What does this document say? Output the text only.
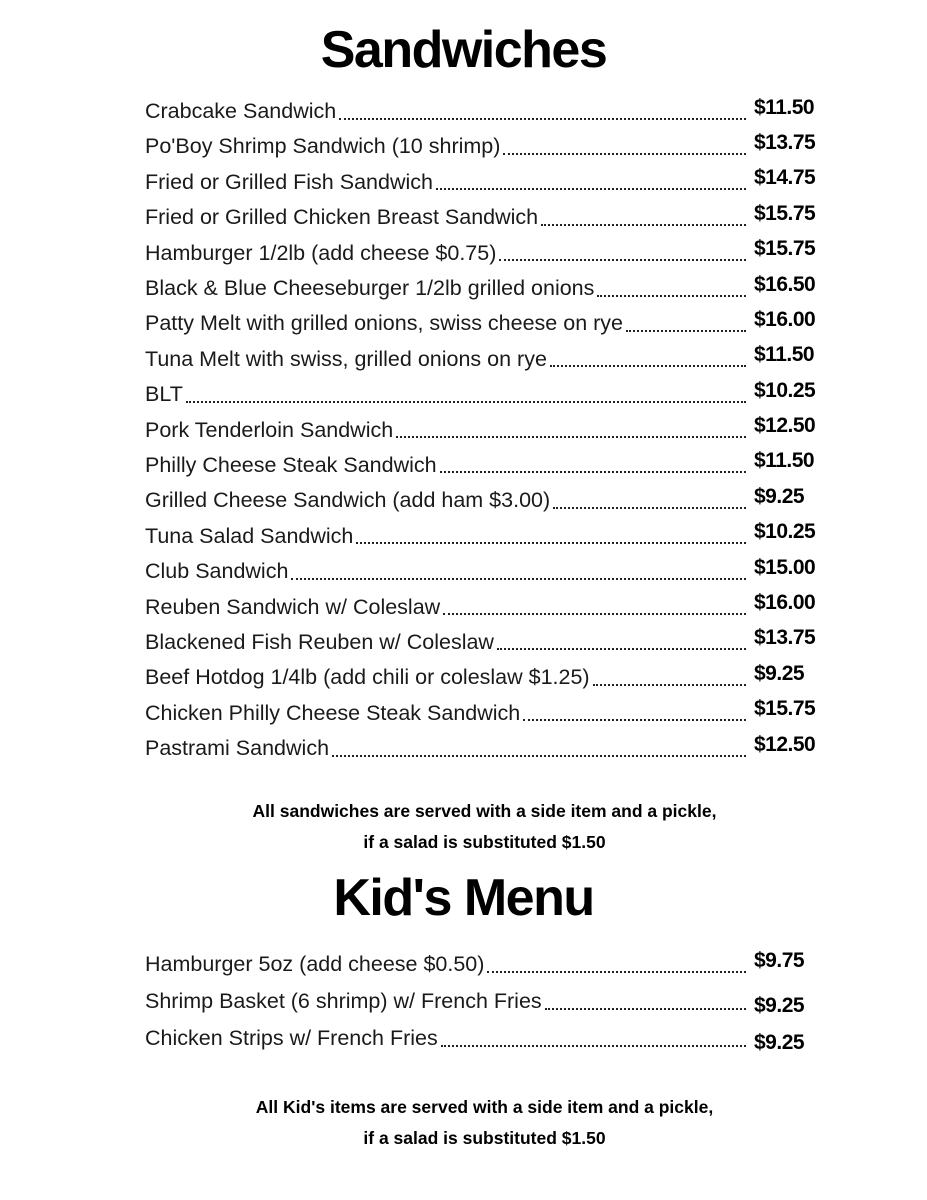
Sandwiches
Crabcake Sandwich	$11.50
Po'Boy Shrimp Sandwich (10 shrimp)	$13.75
Fried or Grilled Fish Sandwich	$14.75
Fried or Grilled Chicken Breast Sandwich	$15.75
Hamburger 1/2lb (add cheese $0.75)	$15.75
Black & Blue Cheeseburger 1/2lb grilled onions	$16.50
Patty Melt with grilled onions, swiss cheese on rye	$16.00
Tuna Melt with swiss, grilled onions on rye	$11.50
BLT	$10.25
Pork Tenderloin Sandwich	$12.50
Philly Cheese Steak Sandwich	$11.50
Grilled Cheese Sandwich (add ham $3.00)	$9.25
Tuna Salad Sandwich	$10.25
Club Sandwich	$15.00
Reuben Sandwich w/ Coleslaw	$16.00
Blackened Fish Reuben w/ Coleslaw	$13.75
Beef Hotdog 1/4lb (add chili or coleslaw $1.25)	$9.25
Chicken Philly Cheese Steak Sandwich	$15.75
Pastrami Sandwich	$12.50
All sandwiches are served with a side item and a pickle,
if a salad is substituted $1.50
Kid's Menu
Hamburger 5oz (add cheese $0.50)	$9.75
Shrimp Basket (6 shrimp) w/ French Fries	$9.25
Chicken Strips w/ French Fries	$9.25
All Kid's items are served with a side item and a pickle,
if a salad is substituted $1.50
